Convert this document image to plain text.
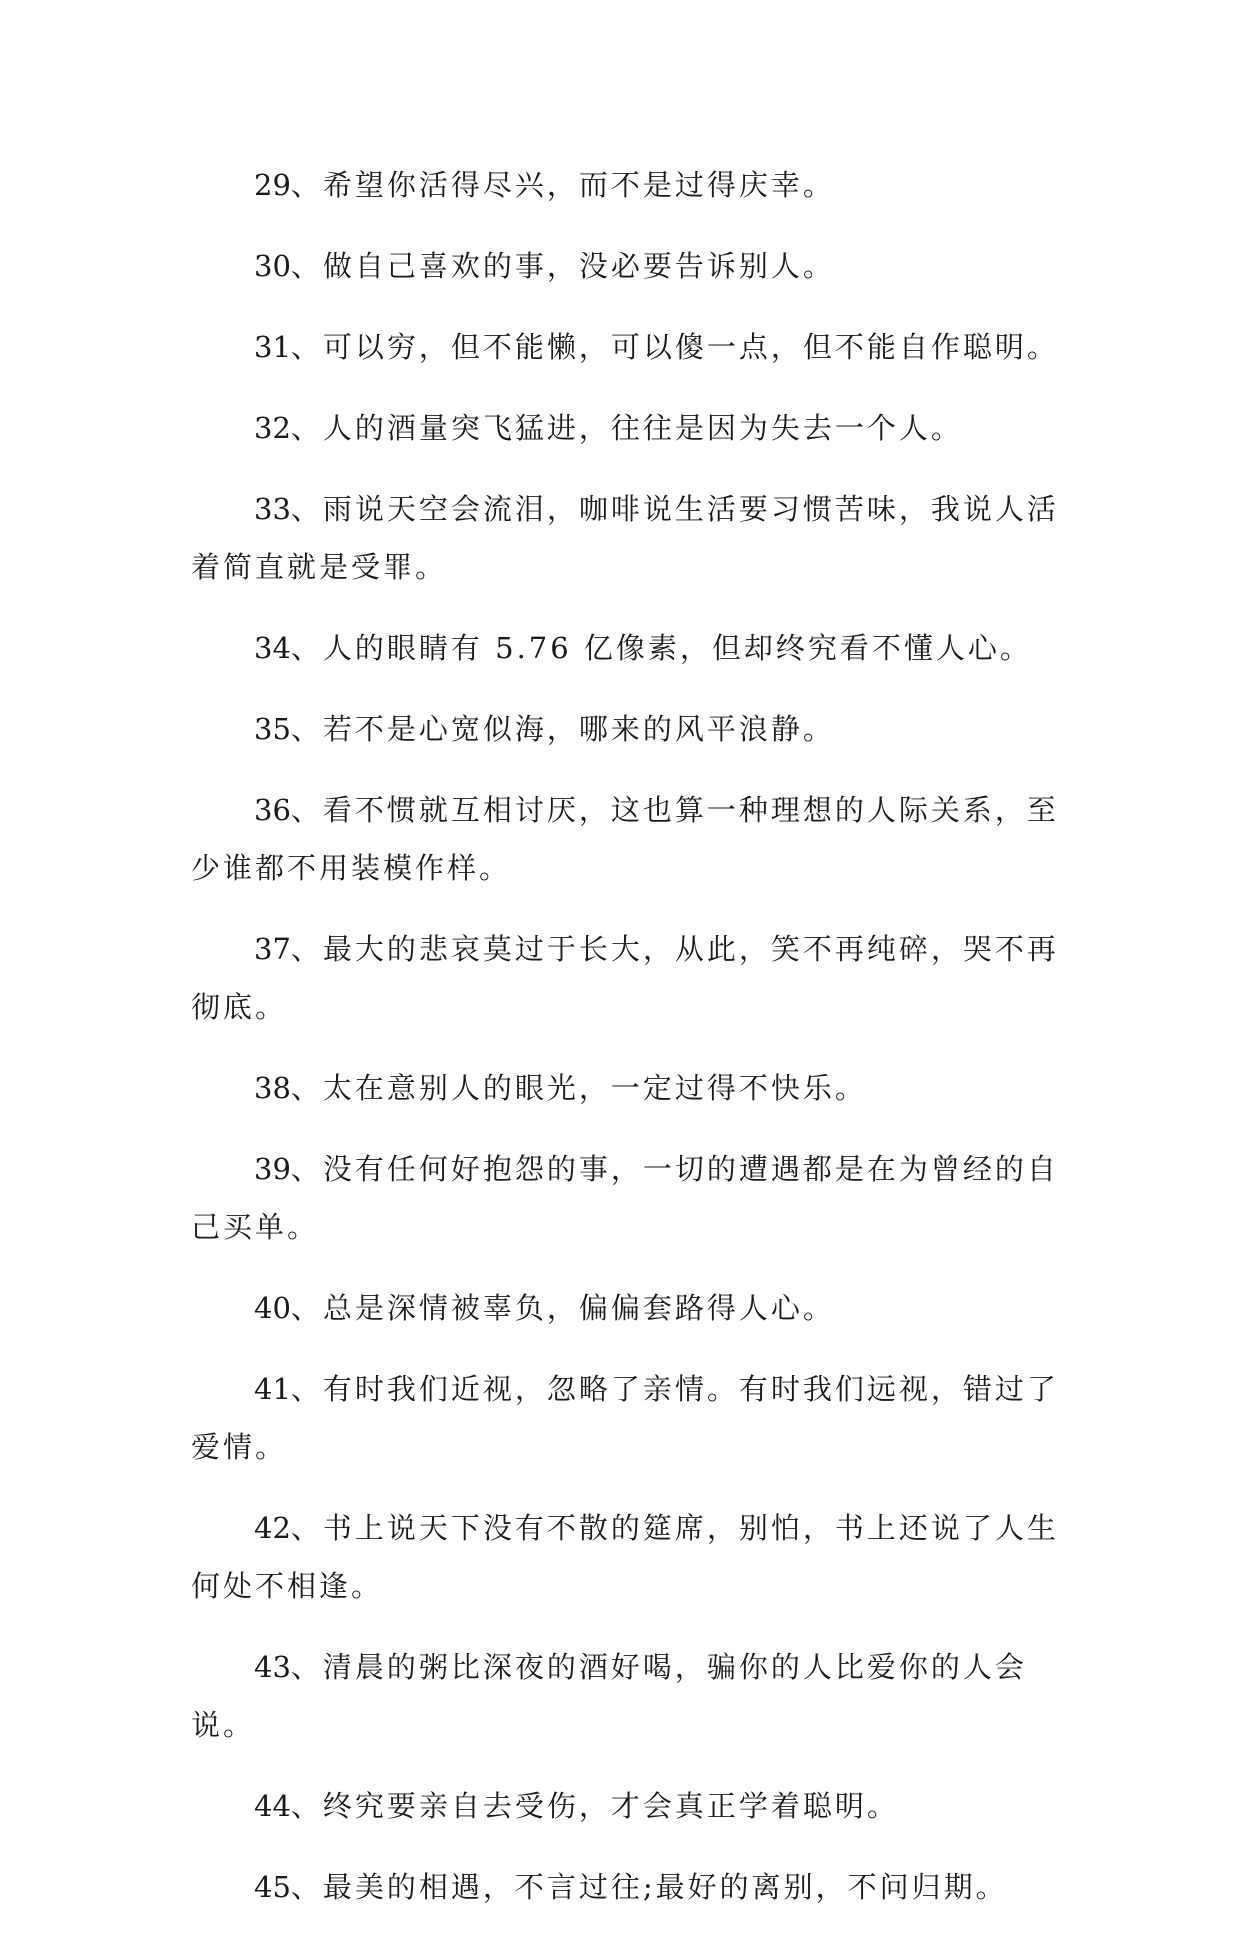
29、希望你活得尽兴，而不是过得庆幸。

30、做自己喜欢的事，没必要告诉别人。

31、可以穷，但不能懒，可以傻一点，但不能自作聪明。

32、人的酒量突飞猛进，往往是因为失去一个人。

33、雨说天空会流泪，咖啡说生活要习惯苦味，我说人活着简直就是受罪。

34、人的眼睛有 5.76 亿像素，但却终究看不懂人心。

35、若不是心宽似海，哪来的风平浪静。

36、看不惯就互相讨厌，这也算一种理想的人际关系，至少谁都不用装模作样。

37、最大的悲哀莫过于长大，从此，笑不再纯碎，哭不再彻底。

38、太在意别人的眼光，一定过得不快乐。

39、没有任何好抱怨的事，一切的遭遇都是在为曾经的自己买单。

40、总是深情被辜负，偏偏套路得人心。

41、有时我们近视，忽略了亲情。有时我们远视，错过了爱情。

42、书上说天下没有不散的筵席，别怕，书上还说了人生何处不相逢。

43、清晨的粥比深夜的酒好喝，骗你的人比爱你的人会说。

44、终究要亲自去受伤，才会真正学着聪明。

45、最美的相遇，不言过往;最好的离别，不问归期。
